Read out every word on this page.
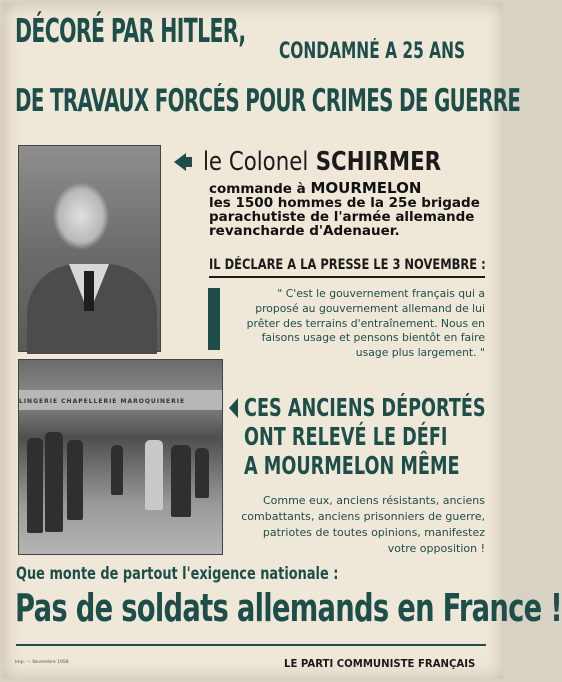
DÉCORÉ PAR HITLER,
CONDAMNÉ A 25 ANS
DE TRAVAUX FORCÉS POUR CRIMES DE GUERRE
le Colonel SCHIRMER
commande à MOURMELON
les 1500 hommes de la 25e brigade
parachutiste de l'armée allemande
revancharde d'Adenauer.
IL DÉCLARE A LA PRESSE LE 3 NOVEMBRE :
" C'est le gouvernement français qui a proposé au gouvernement allemand de lui prêter des terrains d'entraînement. Nous en faisons usage et pensons bientôt en faire usage plus largement. "
LINGERIE CHAPELLERIE MAROQUINERIE	CES ANCIENS DÉPORTÉS
ONT RELEVÉ LE DÉFI
A MOURMELON MÊME
Comme eux, anciens résistants, anciens combattants, anciens prisonniers de guerre, patriotes de toutes opinions, manifestez votre opposition !
Que monte de partout l'exigence nationale :
Pas de soldats allemands en France !
Imp. — Novembre 1958	LE PARTI COMMUNISTE FRANÇAIS
